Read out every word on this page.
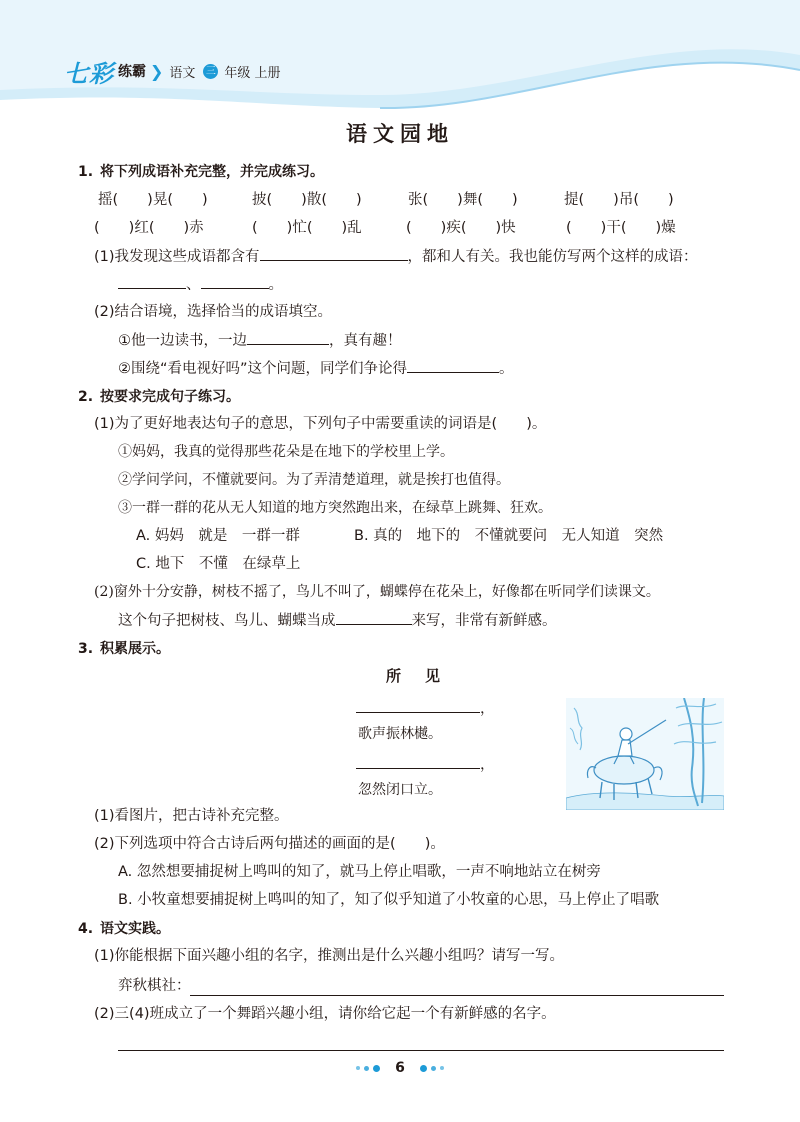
七彩 练霸 ❯ 语文 三 年级 上册
语文园地
1. 将下列成语补充完整，并完成练习。
摇(　　)晃(　　)	披(　　)散(　　)	张(　　)舞(　　)	提(　　)吊(　　)
(　　)红(　　)赤	(　　)忙(　　)乱	(　　)疾(　　)快	(　　)干(　　)燥
(1)我发现这些成语都含有	，都和人有关。我也能仿写两个这样的成语：
、	。
(2)结合语境，选择恰当的成语填空。
①他一边读书，一边	，真有趣！
②围绕“看电视好吗”这个问题，同学们争论得	。
2. 按要求完成句子练习。
(1)为了更好地表达句子的意思，下列句子中需要重读的词语是(　　)。
①妈妈，我真的觉得那些花朵是在地下的学校里上学。
②学问学问，不懂就要问。为了弄清楚道理，就是挨打也值得。
③一群一群的花从无人知道的地方突然跑出来，在绿草上跳舞、狂欢。
A. 妈妈　就是　一群一群	B. 真的　地下的　不懂就要问　无人知道　突然
C. 地下　不懂　在绿草上
(2)窗外十分安静，树枝不摇了，鸟儿不叫了，蝴蝶停在花朵上，好像都在听同学们读课文。
这个句子把树枝、鸟儿、蝴蝶当成	来写，非常有新鲜感。
3. 积累展示。
所见
，
歌声振林樾。
，
忽然闭口立。
(1)看图片，把古诗补充完整。
(2)下列选项中符合古诗后两句描述的画面的是(　　)。
A. 忽然想要捕捉树上鸣叫的知了，就马上停止唱歌，一声不响地站立在树旁
B. 小牧童想要捕捉树上鸣叫的知了，知了似乎知道了小牧童的心思，马上停止了唱歌
4. 语文实践。
(1)你能根据下面兴趣小组的名字，推测出是什么兴趣小组吗？请写一写。
弈秋棋社：
(2)三(4)班成立了一个舞蹈兴趣小组，请你给它起一个有新鲜感的名字。
6
